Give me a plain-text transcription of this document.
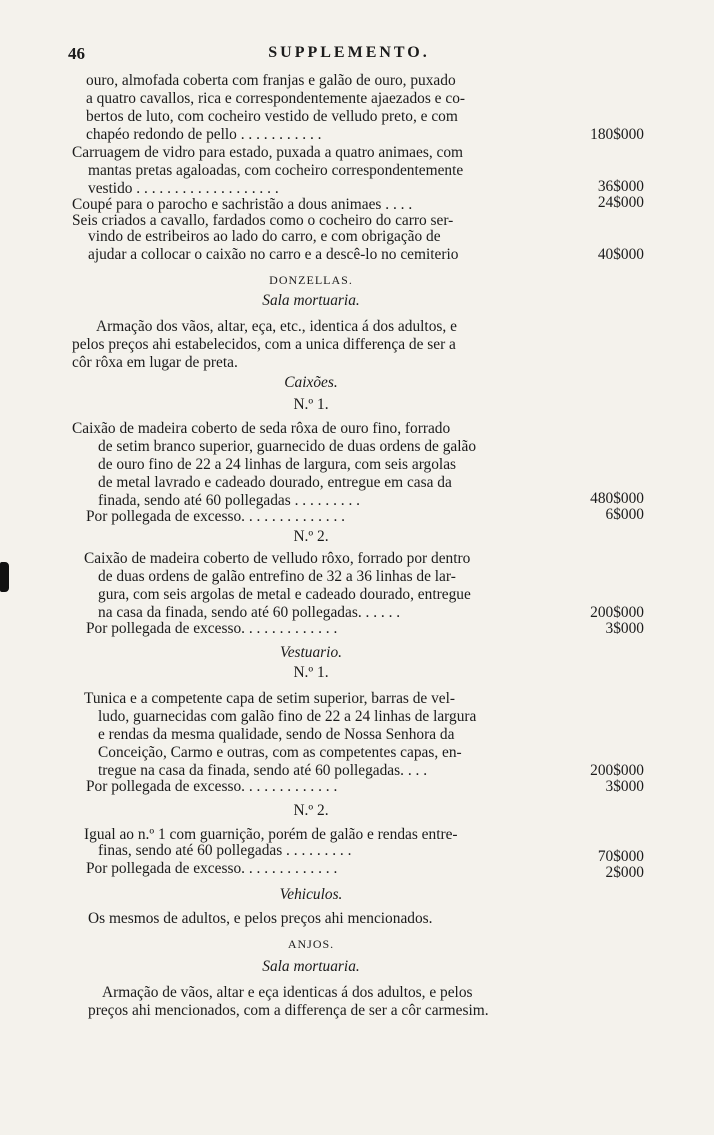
46	SUPPLEMENTO.
ouro, almofada coberta com franjas e galão de ouro, puxado
a quatro cavallos, rica e correspondentemente ajaezados e co-
bertos de luto, com cocheiro vestido de velludo preto, e com
chapéo redondo de pello . . . . . . . . . . .	180$000
Carruagem de vidro para estado, puxada a quatro animaes, com
mantas pretas agaloadas, com cocheiro correspondentemente
vestido . . . . . . . . . . . . . . . . . . .	36$000
Coupé para o parocho e sachristão a dous animaes . . . .	24$000
Seis criados a cavallo, fardados como o cocheiro do carro ser-
vindo de estribeiros ao lado do carro, e com obrigação de
ajudar a collocar o caixão no carro e a descê-lo no cemiterio	40$000
DONZELLAS.
Sala mortuaria.
Armação dos vãos, altar, eça, etc., identica á dos adultos, e
pelos preços ahi estabelecidos, com a unica differença de ser a
côr rôxa em lugar de preta.
Caixões.
N.º 1.
Caixão de madeira coberto de seda rôxa de ouro fino, forrado
de setim branco superior, guarnecido de duas ordens de galão
de ouro fino de 22 a 24 linhas de largura, com seis argolas
de metal lavrado e cadeado dourado, entregue em casa da
finada, sendo até 60 pollegadas . . . . . . . . .	480$000
Por pollegada de excesso. . . . . . . . . . . . . .	6$000
N.º 2.
Caixão de madeira coberto de velludo rôxo, forrado por dentro
de duas ordens de galão entrefino de 32 a 36 linhas de lar-
gura, com seis argolas de metal e cadeado dourado, entregue
na casa da finada, sendo até 60 pollegadas. . . . . .	200$000
Por pollegada de excesso. . . . . . . . . . . . .	3$000
Vestuario.
N.º 1.
Tunica e a competente capa de setim superior, barras de vel-
ludo, guarnecidas com galão fino de 22 a 24 linhas de largura
e rendas da mesma qualidade, sendo de Nossa Senhora da
Conceição, Carmo e outras, com as competentes capas, en-
tregue na casa da finada, sendo até 60 pollegadas. . . .	200$000
Por pollegada de excesso. . . . . . . . . . . . .	3$000
N.º 2.
Igual ao n.º 1 com guarnição, porém de galão e rendas entre-
finas, sendo até 60 pollegadas . . . . . . . . .	70$000
Por pollegada de excesso. . . . . . . . . . . . .	2$000
Vehiculos.
Os mesmos de adultos, e pelos preços ahi mencionados.
ANJOS.
Sala mortuaria.
Armação de vãos, altar e eça identicas á dos adultos, e pelos
preços ahi mencionados, com a differença de ser a côr carmesim.
